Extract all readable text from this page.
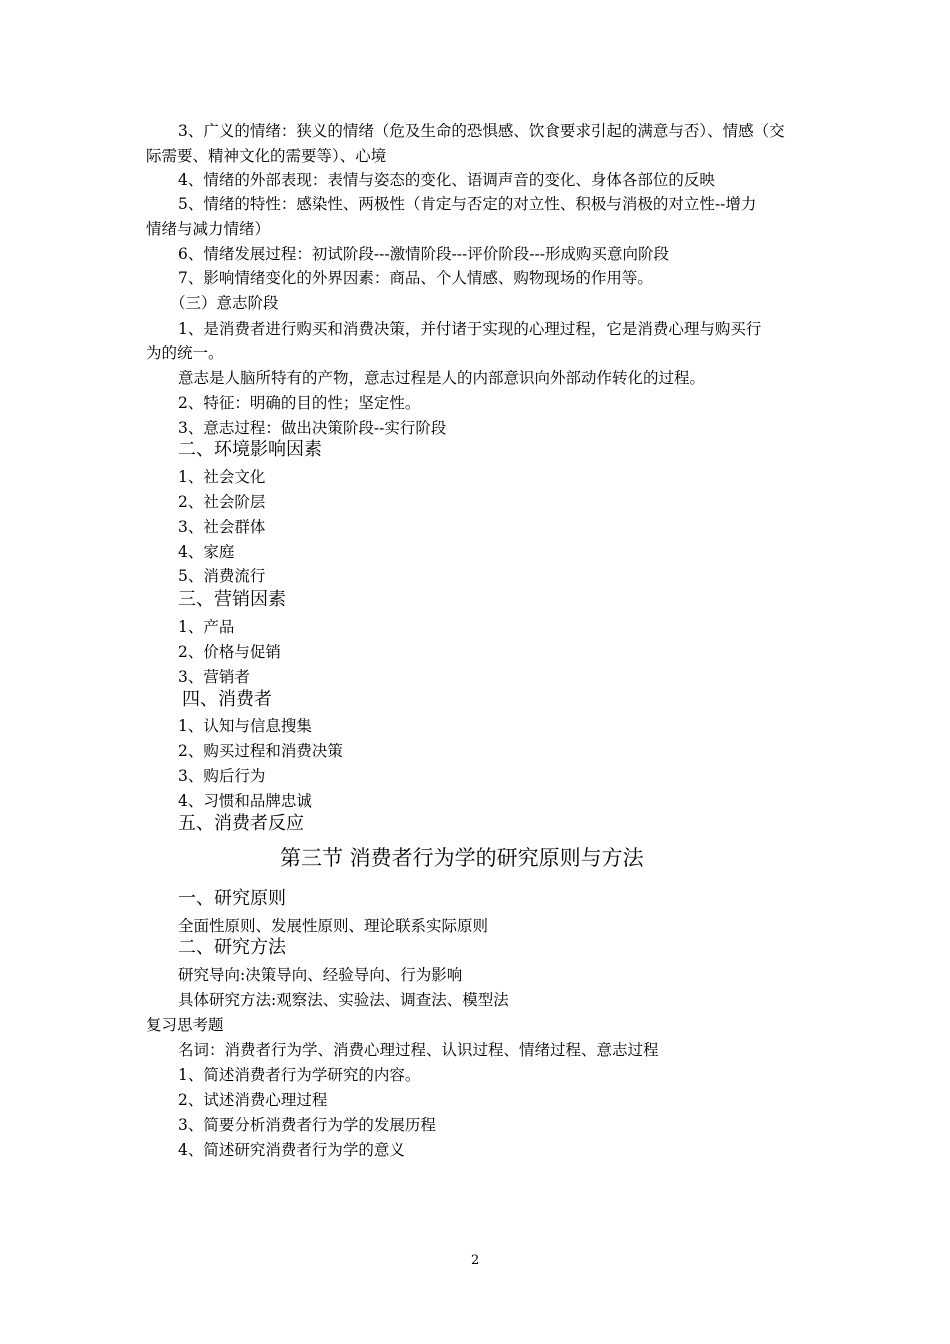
3、广义的情绪：狭义的情绪（危及生命的恐惧感、饮食要求引起的满意与否）、情感（交
际需要、精神文化的需要等）、心境
4、情绪的外部表现：表情与姿态的变化、语调声音的变化、身体各部位的反映
5、情绪的特性：感染性、两极性（肯定与否定的对立性、积极与消极的对立性--增力
情绪与减力情绪）
6、情绪发展过程：初试阶段---激情阶段---评价阶段---形成购买意向阶段
7、影响情绪变化的外界因素：商品、个人情感、购物现场的作用等。
（三）意志阶段
1、是消费者进行购买和消费决策，并付诸于实现的心理过程，它是消费心理与购买行
为的统一。
意志是人脑所特有的产物，意志过程是人的内部意识向外部动作转化的过程。
2、特征：明确的目的性；坚定性。
3、意志过程：做出决策阶段--实行阶段
二、环境影响因素
1、社会文化
2、社会阶层
3、社会群体
4、家庭
5、消费流行
三、营销因素
1、产品
2、价格与促销
3、营销者
四、消费者
1、认知与信息搜集
2、购买过程和消费决策
3、购后行为
4、习惯和品牌忠诚
五、消费者反应
第三节 消费者行为学的研究原则与方法
一、研究原则
全面性原则、发展性原则、理论联系实际原则
二、研究方法
研究导向:决策导向、经验导向、行为影响
具体研究方法:观察法、实验法、调查法、模型法
复习思考题
名词：消费者行为学、消费心理过程、认识过程、情绪过程、意志过程
1、简述消费者行为学研究的内容。
2、试述消费心理过程
3、简要分析消费者行为学的发展历程
4、简述研究消费者行为学的意义
2
